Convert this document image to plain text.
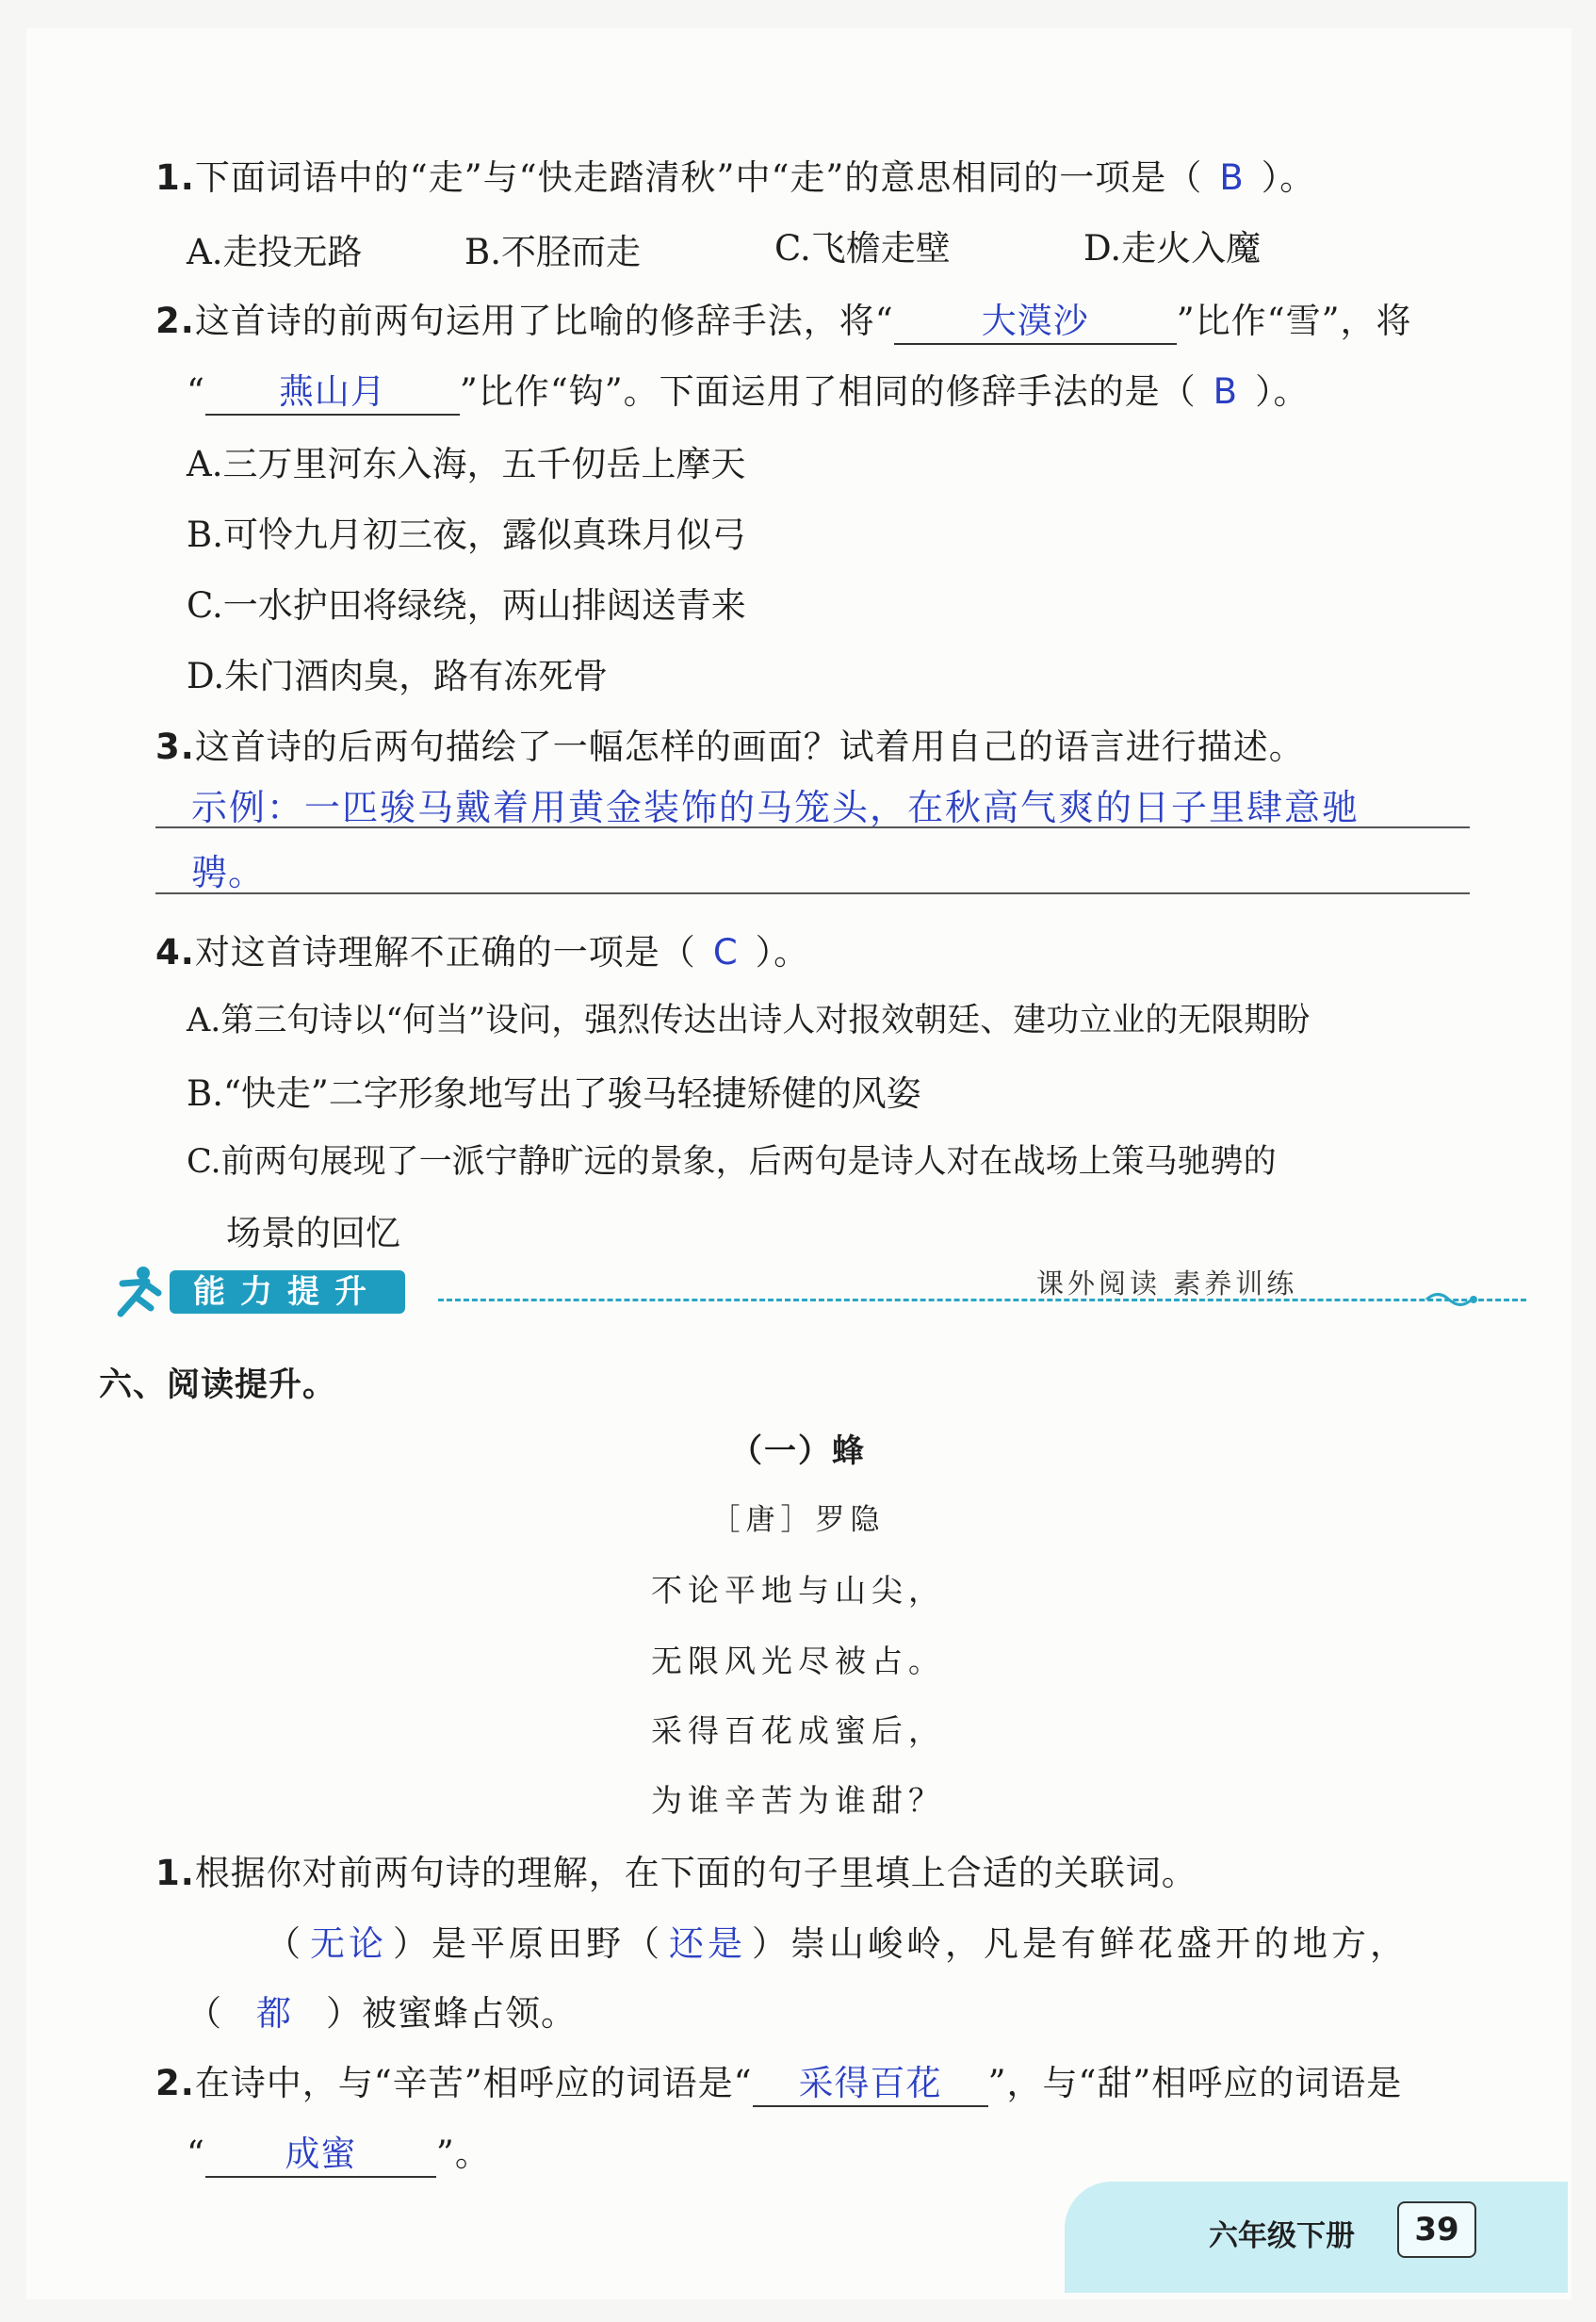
1.下面词语中的“走”与“快走踏清秋”中“走”的意思相同的一项是（ B ）。
A.走投无路	B.不胫而走	C.飞檐走壁	D.走火入魔
2.这首诗的前两句运用了比喻的修辞手法，将“	大漠沙	”比作“雪”，将
“ 燕山月 ”比作“钩”。下面运用了相同的修辞手法的是（ B ）。
A.三万里河东入海，五千仞岳上摩天
B.可怜九月初三夜，露似真珠月似弓
C.一水护田将绿绕，两山排闼送青来
D.朱门酒肉臭，路有冻死骨
3.这首诗的后两句描绘了一幅怎样的画面？试着用自己的语言进行描述。
示例：一匹骏马戴着用黄金装饰的马笼头，在秋高气爽的日子里肆意驰
骋。
4.对这首诗理解不正确的一项是（ C ）。
A.第三句诗以“何当”设问，强烈传达出诗人对报效朝廷、建功立业的无限期盼
B.“快走”二字形象地写出了骏马轻捷矫健的风姿
C.前两句展现了一派宁静旷远的景象，后两句是诗人对在战场上策马驰骋的
场景的回忆
能力提升	课外阅读 素养训练
六、阅读提升。
（一）蜂
［唐］罗隐
不论平地与山尖，
无限风光尽被占。
采得百花成蜜后，
为谁辛苦为谁甜？
1.根据你对前两句诗的理解，在下面的句子里填上合适的关联词。
（ 无论 ）是平原田野（ 还是 ）崇山峻岭，凡是有鲜花盛开的地方，
（ 都 ）被蜜蜂占领。
2.在诗中，与“辛苦”相呼应的词语是“ 采得百花 ”，与“甜”相呼应的词语是
“ 成蜜 ”。
六年级下册	39
